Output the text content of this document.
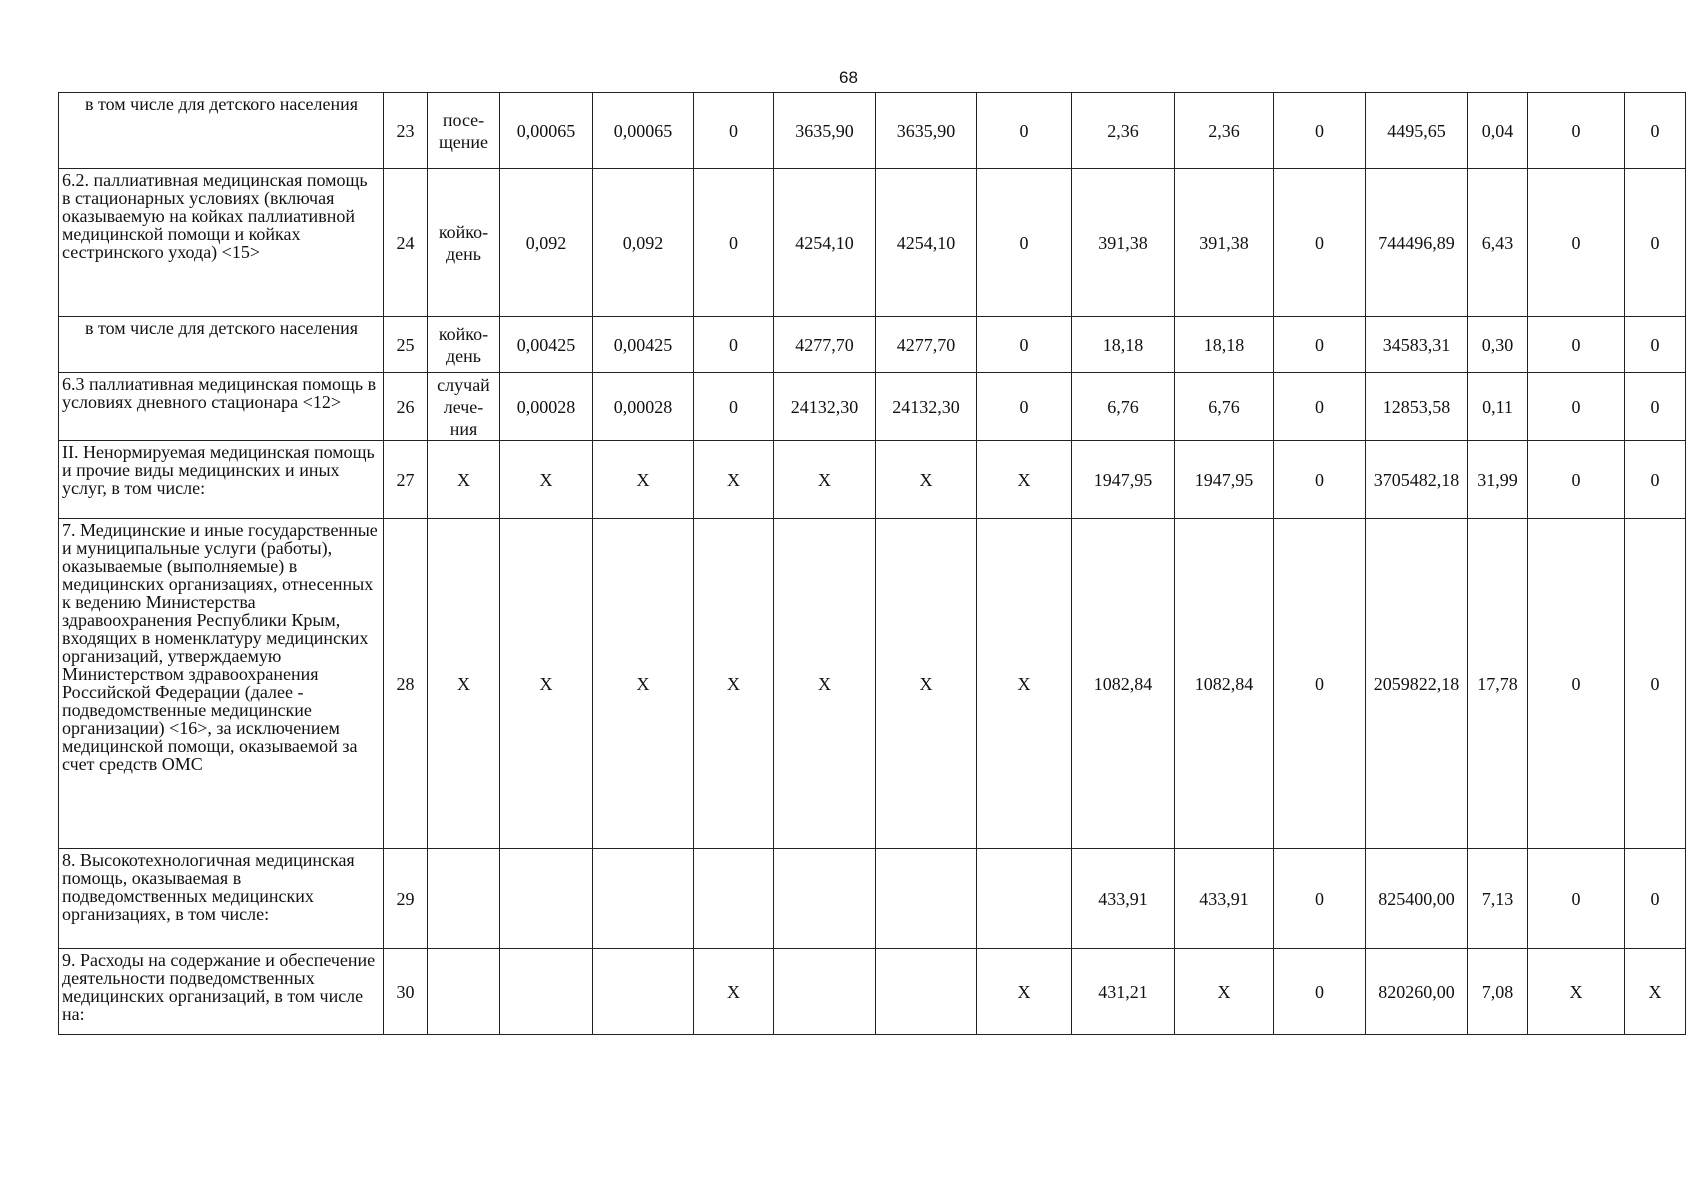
68
в том числе для детского населения	23	посе-щение	0,00065	0,00065	0	3635,90	3635,90	0	2,36	2,36	0	4495,65	0,04	0	0
6.2. паллиативная медицинская помощь в стационарных условиях (включая оказываемую на койках паллиативной медицинской помощи и койках сестринского ухода) <15>	24	койко-день	0,092	0,092	0	4254,10	4254,10	0	391,38	391,38	0	744496,89	6,43	0	0
в том числе для детского населения	25	койко-день	0,00425	0,00425	0	4277,70	4277,70	0	18,18	18,18	0	34583,31	0,30	0	0
6.3 паллиативная медицинская помощь в условиях дневного стационара <12>	26	случай лече-ния	0,00028	0,00028	0	24132,30	24132,30	0	6,76	6,76	0	12853,58	0,11	0	0
II. Ненормируемая медицинская помощь и прочие виды медицинских и иных услуг, в том числе:	27	Х	Х	Х	Х	Х	Х	Х	1947,95	1947,95	0	3705482,18	31,99	0	0
7. Медицинские и иные государственные и муниципальные услуги (работы), оказываемые (выполняемые) в медицинских организациях, отнесенных к ведению Министерства здравоохранения Республики Крым, входящих в номенклатуру медицинских организаций, утверждаемую Министерством здравоохранения Российской Федерации (далее - подведомственные медицинские организации) <16>, за исключением медицинской помощи, оказываемой за счет средств ОМС	28	Х	Х	Х	Х	Х	Х	Х	1082,84	1082,84	0	2059822,18	17,78	0	0
8. Высокотехнологичная медицинская помощь, оказываемая в подведомственных медицинских организациях, в том числе:	29								433,91	433,91	0	825400,00	7,13	0	0
9. Расходы на содержание и обеспечение деятельности подведомственных медицинских организаций, в том числе на:	30				Х			Х	431,21	Х	0	820260,00	7,08	Х	Х
